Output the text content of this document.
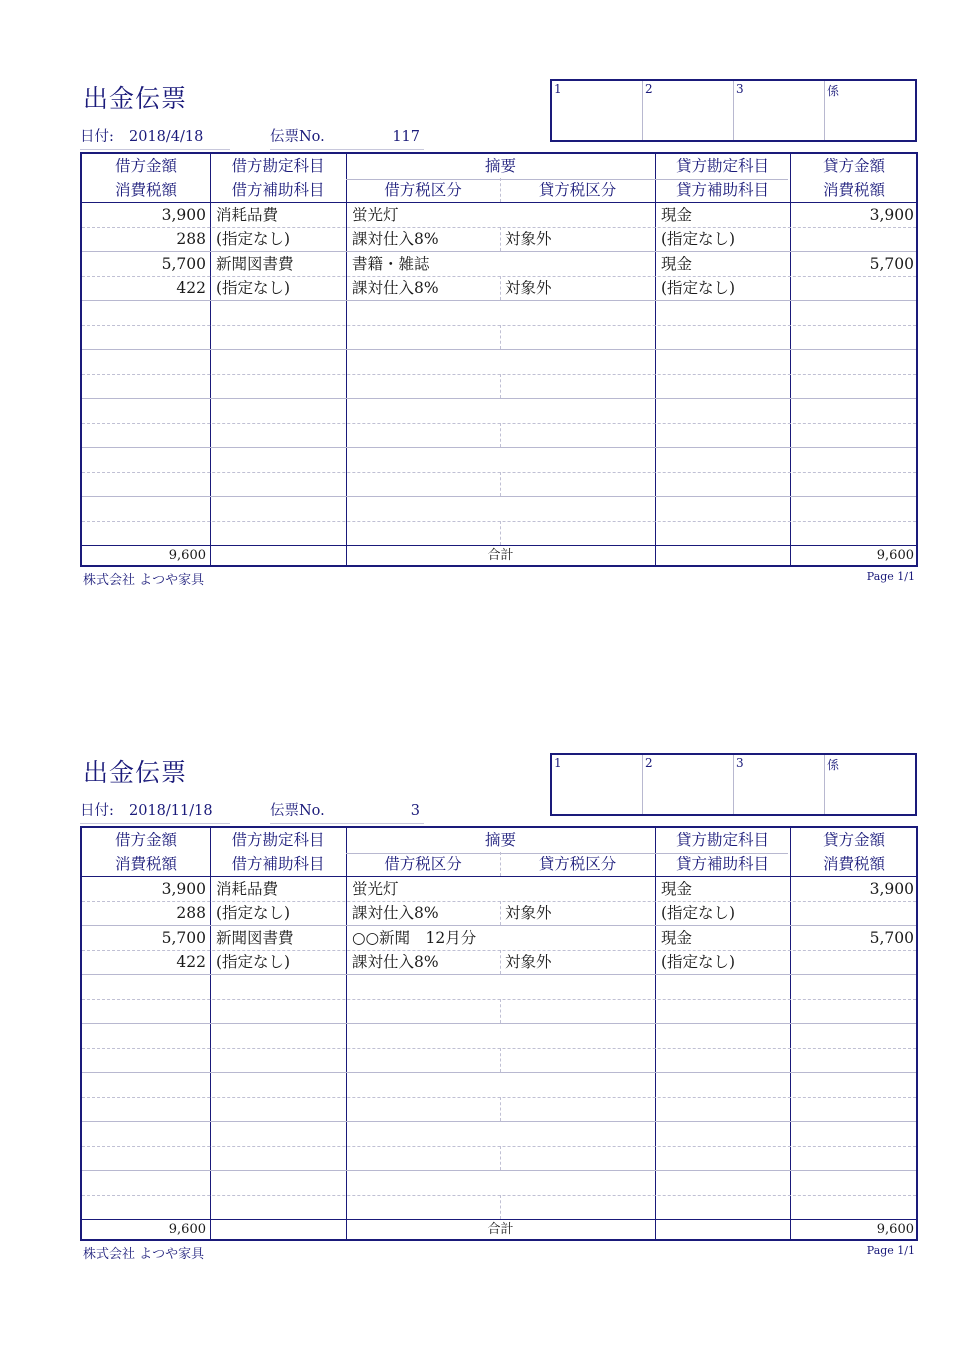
出金伝票
日付: 2018/4/18	伝票No.	117
1	2	3	係
借方金額	借方勘定科目	摘要	貸方勘定科目	貸方金額
消費税額	借方補助科目	借方税区分	貸方税区分	貸方補助科目	消費税額
3,900 消耗品費	蛍光灯	現金	3,900
288 (指定なし)	課対仕入8%	対象外	(指定なし)
5,700 新聞図書費	書籍・雑誌	現金	5,700
422 (指定なし)	課対仕入8%	対象外	(指定なし)
9,600	合計	9,600
株式会社 よつや家具	Page 1/1
出金伝票
日付: 2018/11/18	伝票No.	3
1	2	3	係
借方金額	借方勘定科目	摘要	貸方勘定科目	貸方金額
消費税額	借方補助科目	借方税区分	貸方税区分	貸方補助科目	消費税額
3,900 消耗品費	蛍光灯	現金	3,900
288 (指定なし)	課対仕入8%	対象外	(指定なし)
5,700 新聞図書費	○○新聞　12月分	現金	5,700
422 (指定なし)	課対仕入8%	対象外	(指定なし)
9,600	合計	9,600
株式会社 よつや家具	Page 1/1
